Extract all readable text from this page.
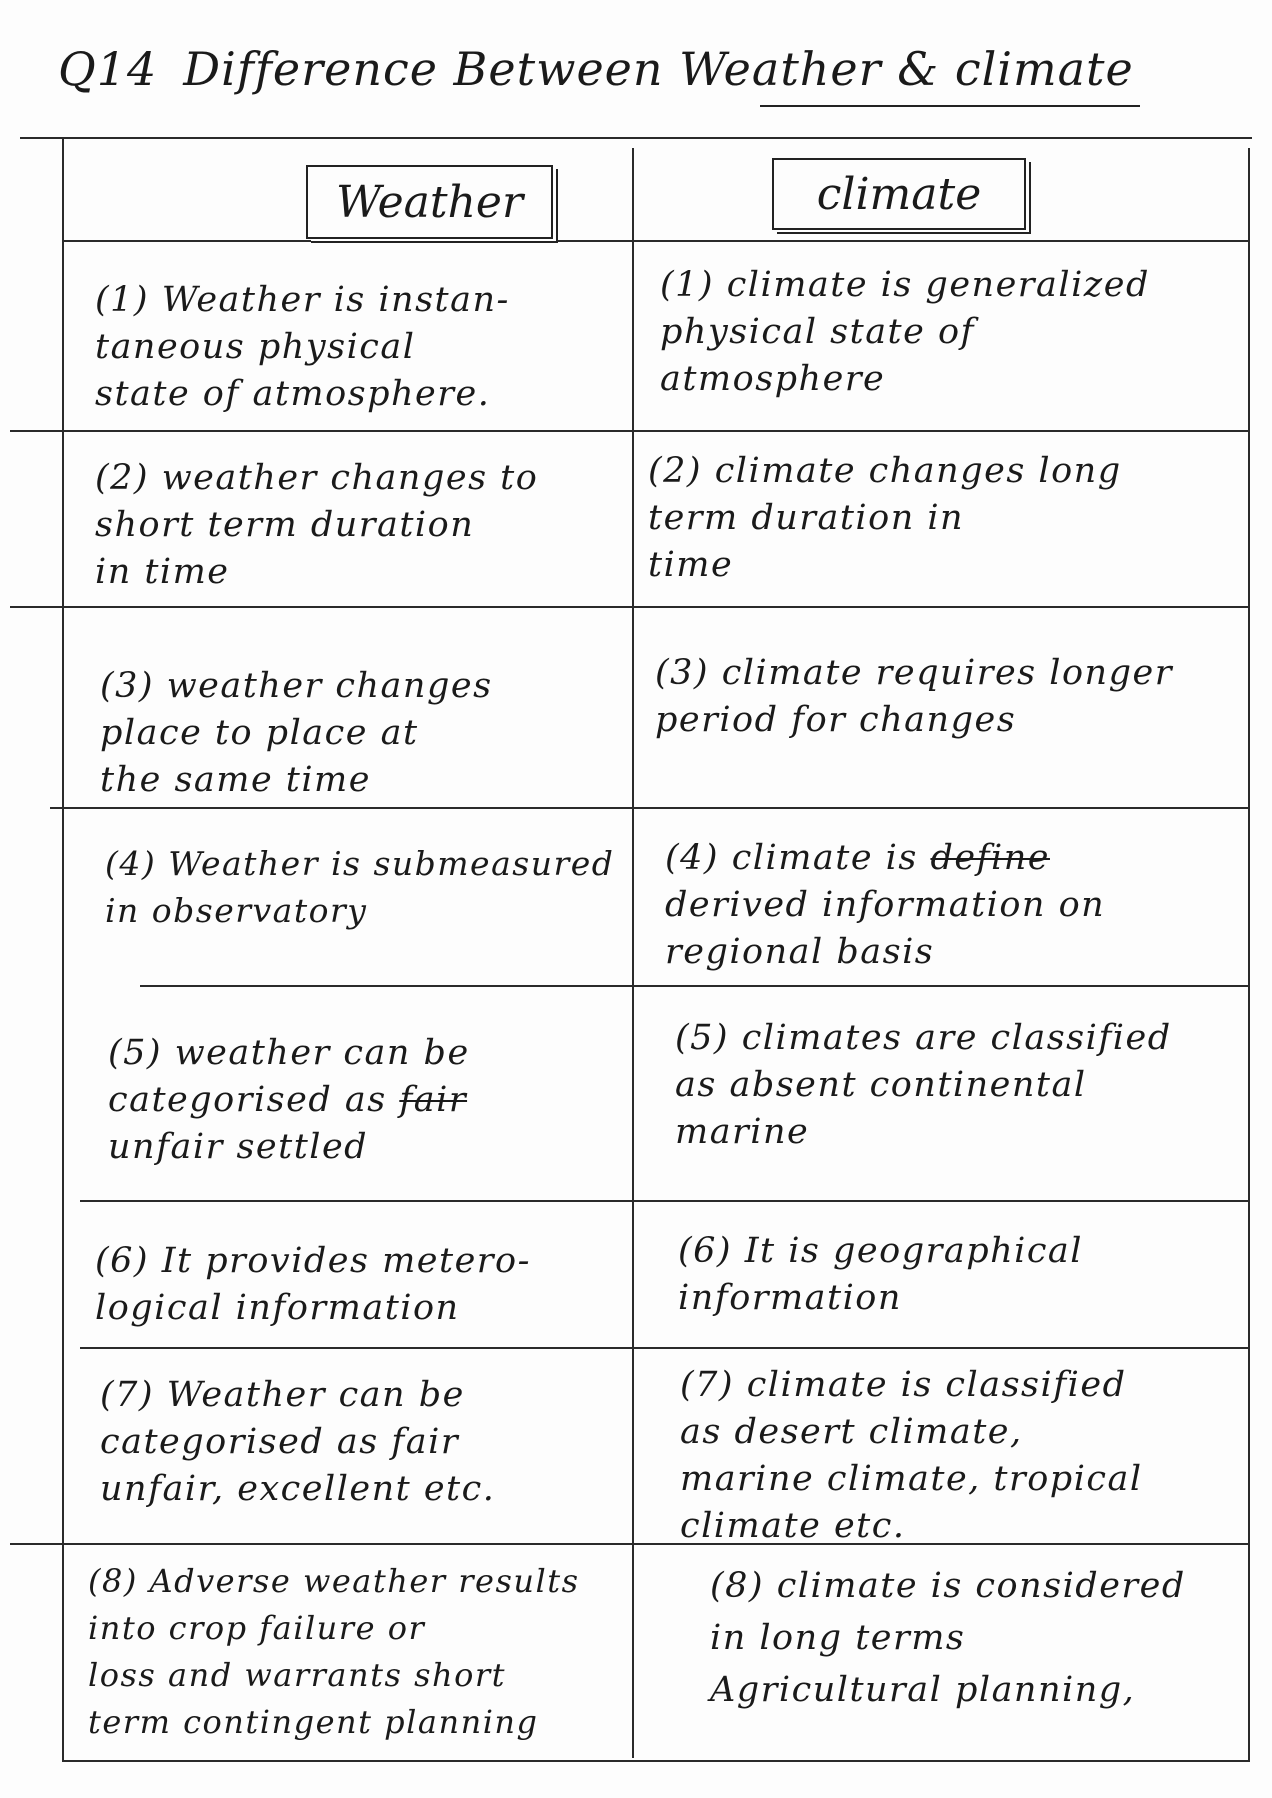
Q14 Difference Between Weather & climate
Weather	climate
(1) Weather is instan-
taneous physical
state of atmosphere.
(1) climate is generalized
physical state of
atmosphere
(2) weather changes to
short term duration
in time
(2) climate changes long
term duration in
time
(3) weather changes
place to place at
the same time
(3) climate requires longer
period for changes
(4) Weather is submeasured
in observatory
(4) climate is define
derived information on
regional basis
(5) weather can be
categorised as fair
unfair settled
(5) climates are classified
as absent continental
marine
(6) It provides metero-
logical information
(6) It is geographical
information
(7) Weather can be
categorised as fair
unfair, excellent etc.
(7) climate is classified
as desert climate,
marine climate, tropical
climate etc.
(8) Adverse weather results
into crop failure or
loss and warrants short
term contingent planning
(8) climate is considered
in long terms
Agricultural planning,
